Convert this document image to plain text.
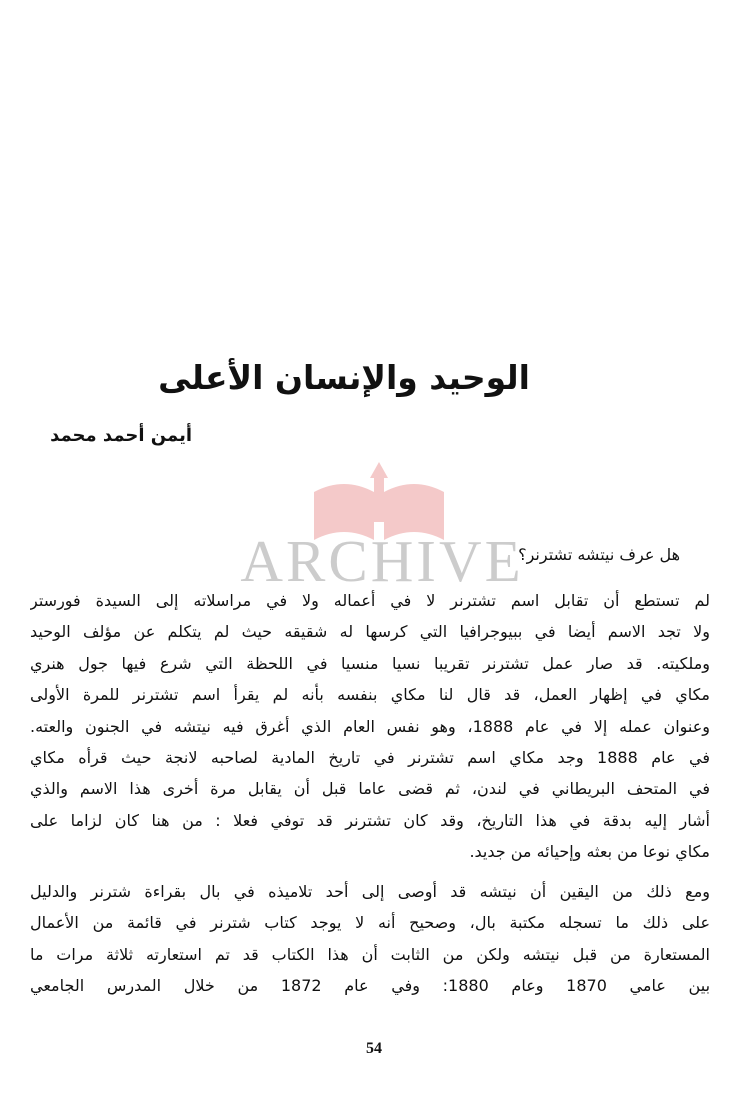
ARCHIVE
الوحيد والإنسان الأعلى
أيمن أحمد محمد
هل عرف نيتشه تشترنر؟
لم تستطع أن تقابل اسم تشترنر لا في أعماله ولا في مراسلاته إلى السيدة فورستر
ولا تجد الاسم أيضا في ببيوجرافيا التي كرسها له شقيقه حيث لم يتكلم عن مؤلف الوحيد
وملكيته. قد صار عمل تشترنر تقريبا نسيا منسيا في اللحظة التي شرع فيها جول هنري
مكاي في إظهار العمل، قد قال لنا مكاي بنفسه بأنه لم يقرأ اسم تشترنر للمرة الأولى
وعنوان عمله إلا في عام 1888، وهو نفس العام الذي أغرق فيه نيتشه في الجنون والعته.
في عام 1888 وجد مكاي اسم تشترنر في تاريخ المادية لصاحبه لانجة حيث قرأه مكاي
في المتحف البريطاني في لندن، ثم قضى عاما قبل أن يقابل مرة أخرى هذا الاسم والذي
أشار إليه بدقة في هذا التاريخ، وقد كان تشترنر قد توفي فعلا : من هنا كان لزاما على
مكاي نوعا من بعثه وإحيائه من جديد.
ومع ذلك من اليقين أن نيتشه قد أوصى إلى أحد تلاميذه في بال بقراءة شترنر والدليل
على ذلك ما تسجله مكتبة بال، وصحيح أنه لا يوجد كتاب شترنر في قائمة من الأعمال
المستعارة من قبل نيتشه ولكن من الثابت أن هذا الكتاب قد تم استعارته ثلاثة مرات ما
بين عامي 1870 وعام 1880: وفي عام 1872 من خلال المدرس الجامعي
54
